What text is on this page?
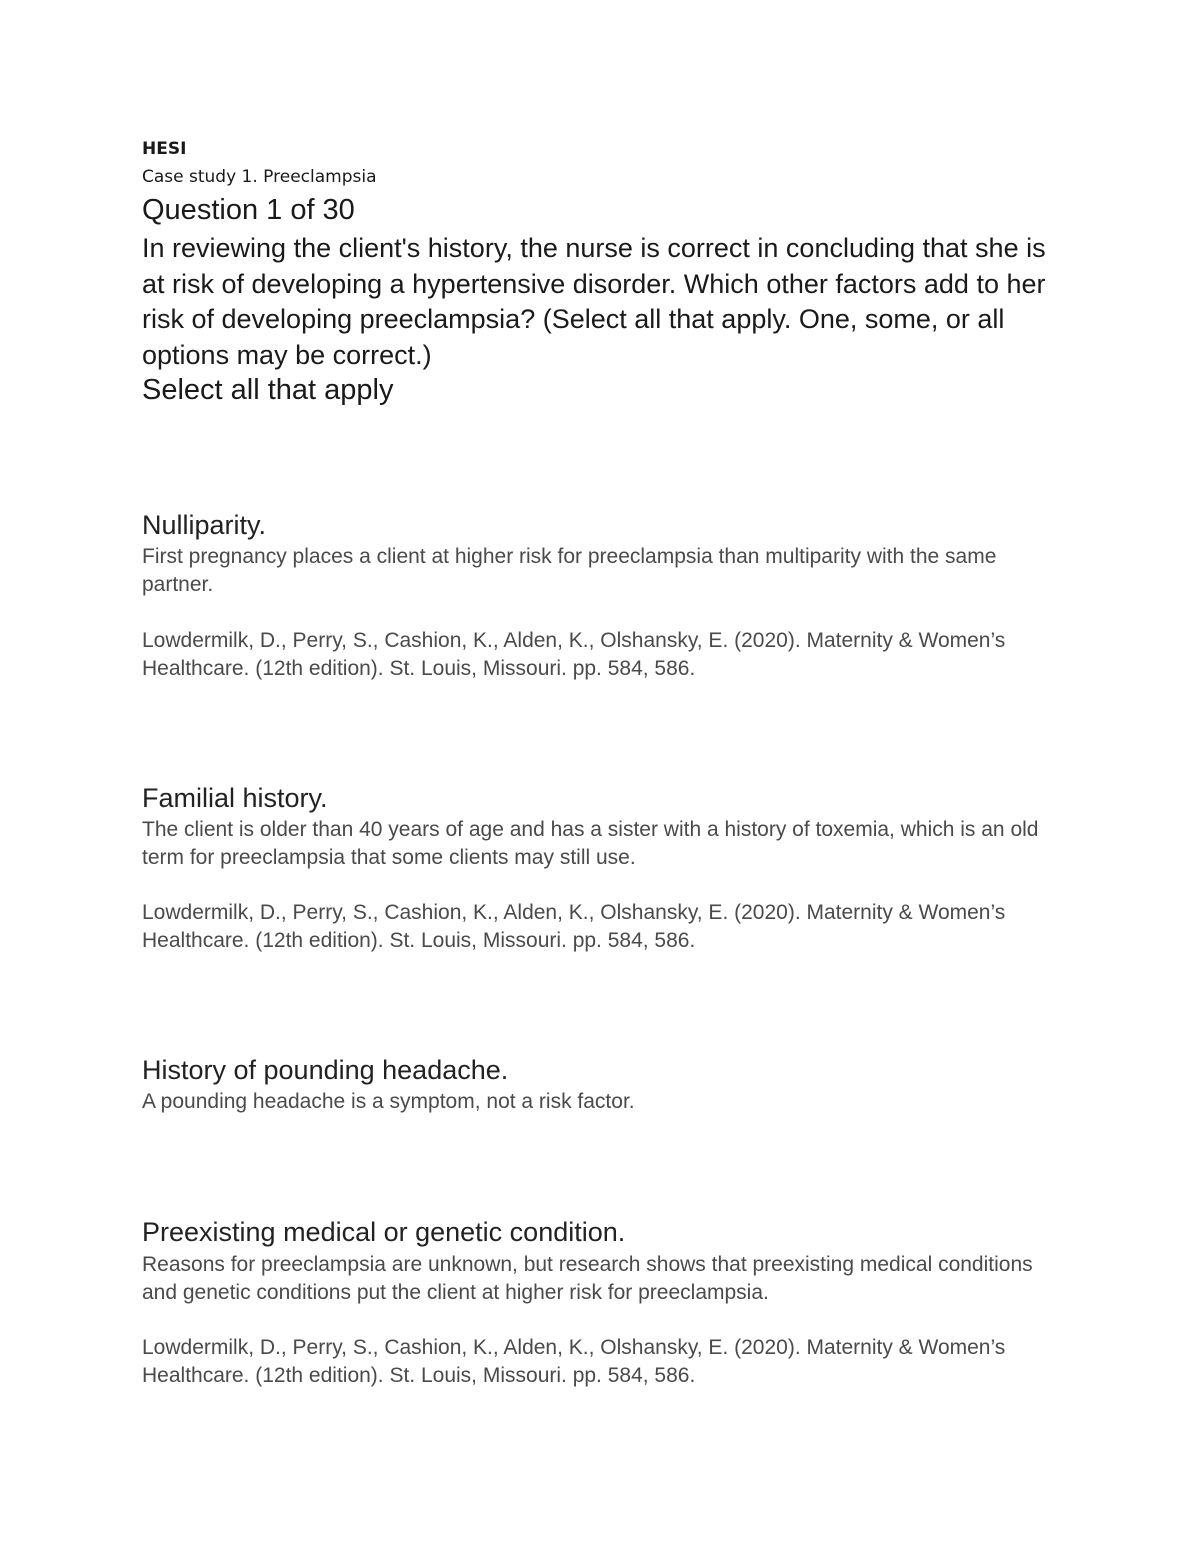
HESI
Case study 1. Preeclampsia
Question 1 of 30
In reviewing the client's history, the nurse is correct in concluding that she is at risk of developing a hypertensive disorder. Which other factors add to her risk of developing preeclampsia? (Select all that apply. One, some, or all options may be correct.)
Select all that apply
Nulliparity.
First pregnancy places a client at higher risk for preeclampsia than multiparity with the same partner.
Lowdermilk, D., Perry, S., Cashion, K., Alden, K., Olshansky, E. (2020). Maternity & Women’s Healthcare. (12th edition). St. Louis, Missouri. pp. 584, 586.
Familial history.
The client is older than 40 years of age and has a sister with a history of toxemia, which is an old term for preeclampsia that some clients may still use.
Lowdermilk, D., Perry, S., Cashion, K., Alden, K., Olshansky, E. (2020). Maternity & Women’s Healthcare. (12th edition). St. Louis, Missouri. pp. 584, 586.
History of pounding headache.
A pounding headache is a symptom, not a risk factor.
Preexisting medical or genetic condition.
Reasons for preeclampsia are unknown, but research shows that preexisting medical conditions and genetic conditions put the client at higher risk for preeclampsia.
Lowdermilk, D., Perry, S., Cashion, K., Alden, K., Olshansky, E. (2020). Maternity & Women’s Healthcare. (12th edition). St. Louis, Missouri. pp. 584, 586.
